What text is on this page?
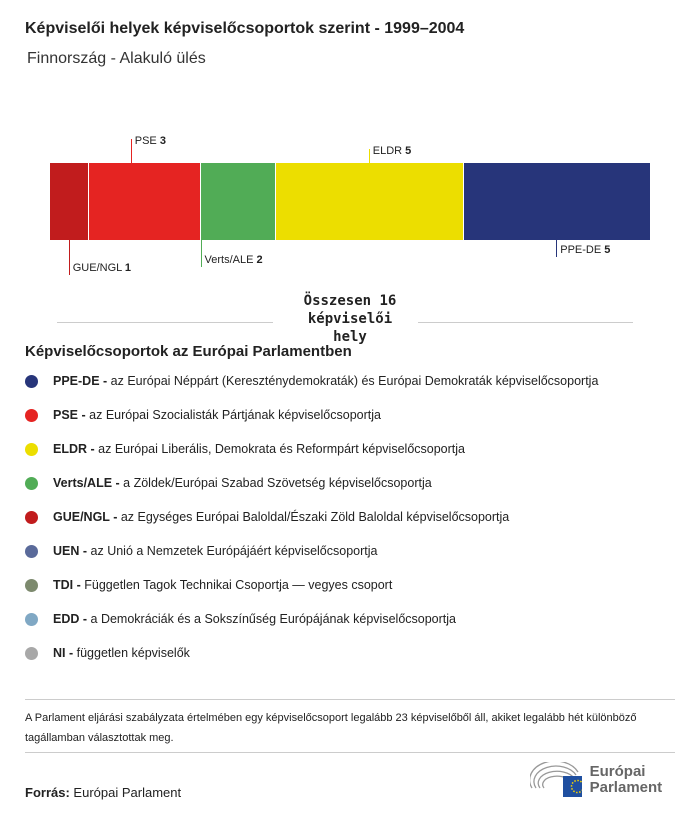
Képviselői helyek képviselőcsoportok szerint - 1999–2004
Finnország - Alakuló ülés
GUE/NGL 1
PSE 3
Verts/ALE 2
ELDR 5
PPE-DE 5
Összesen 16 képviselői hely
Képviselőcsoportok az Európai Parlamentben
PPE-DE -
az Európai Néppárt (Kereszténydemokraták) és Európai Demokraták képviselőcsoportja
PSE -
az Európai Szocialisták Pártjának képviselőcsoportja
ELDR -
az Európai Liberális, Demokrata és Reformpárt képviselőcsoportja
Verts/ALE -
a Zöldek/Európai Szabad Szövetség képviselőcsoportja
GUE/NGL -
az Egységes Európai Baloldal/Északi Zöld Baloldal képviselőcsoportja
UEN -
az Unió a Nemzetek Európájáért képviselőcsoportja
TDI -
Független Tagok Technikai Csoportja — vegyes csoport
EDD -
a Demokráciák és a Sokszínűség Európájának képviselőcsoportja
NI -
független képviselők
A Parlament eljárási szabályzata értelmében egy képviselőcsoport legalább 23 képviselőből áll, akiket legalább hét különböző tagállamban választottak meg.
Forrás: Európai Parlament
Európai Parlament
